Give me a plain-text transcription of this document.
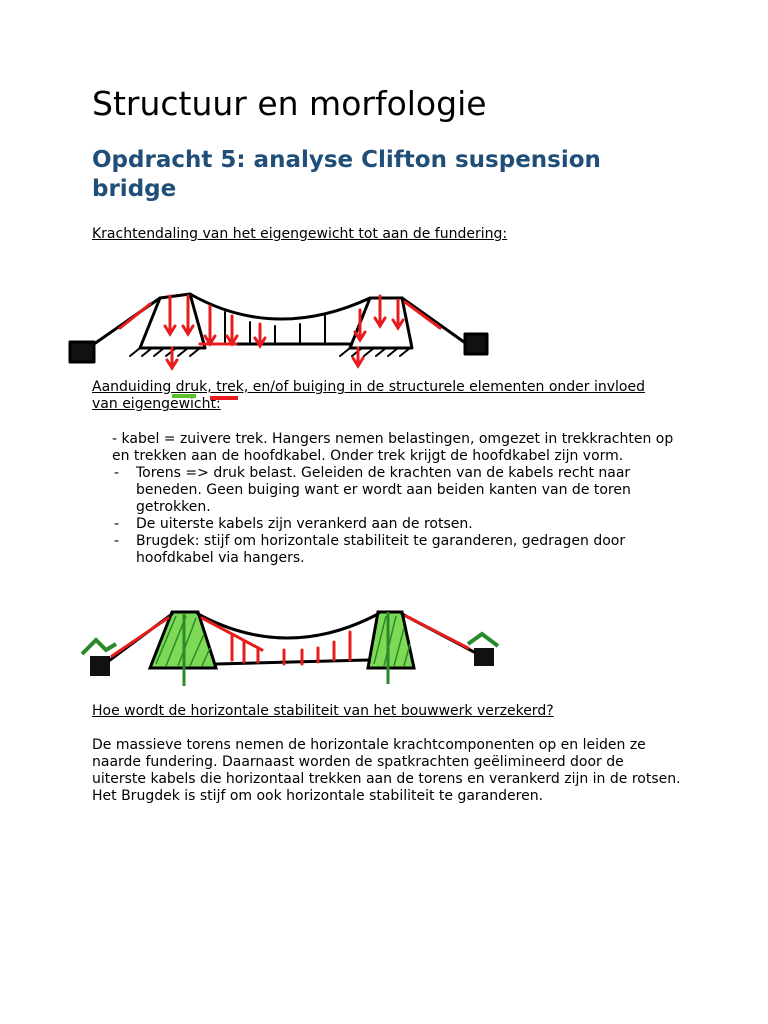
Structuur en morfologie
Opdracht 5: analyse Clifton suspension bridge

Krachtendaling van het eigengewicht tot aan de fundering:

Aanduiding druk, trek, en/of buiging in de structurele elementen onder invloed van eigengewicht:

- kabel = zuivere trek. Hangers nemen belastingen, omgezet in trekkrachten op en trekken aan de hoofdkabel. Onder trek krijgt de hoofdkabel zijn vorm.
- Torens => druk belast. Geleiden de krachten van de kabels recht naar beneden. Geen buiging want er wordt aan beiden kanten van de toren getrokken.
- De uiterste kabels zijn verankerd aan de rotsen.
- Brugdek: stijf om horizontale stabiliteit te garanderen, gedragen door hoofdkabel via hangers.

Hoe wordt de horizontale stabiliteit van het bouwwerk verzekerd?

De massieve torens nemen de horizontale krachtcomponenten op en leiden ze naarde fundering. Daarnaast worden de spatkrachten geëlimineerd door de uiterste kabels die horizontaal trekken aan de torens en verankerd zijn in de rotsen. Het Brugdek is stijf om ook horizontale stabiliteit te garanderen.
